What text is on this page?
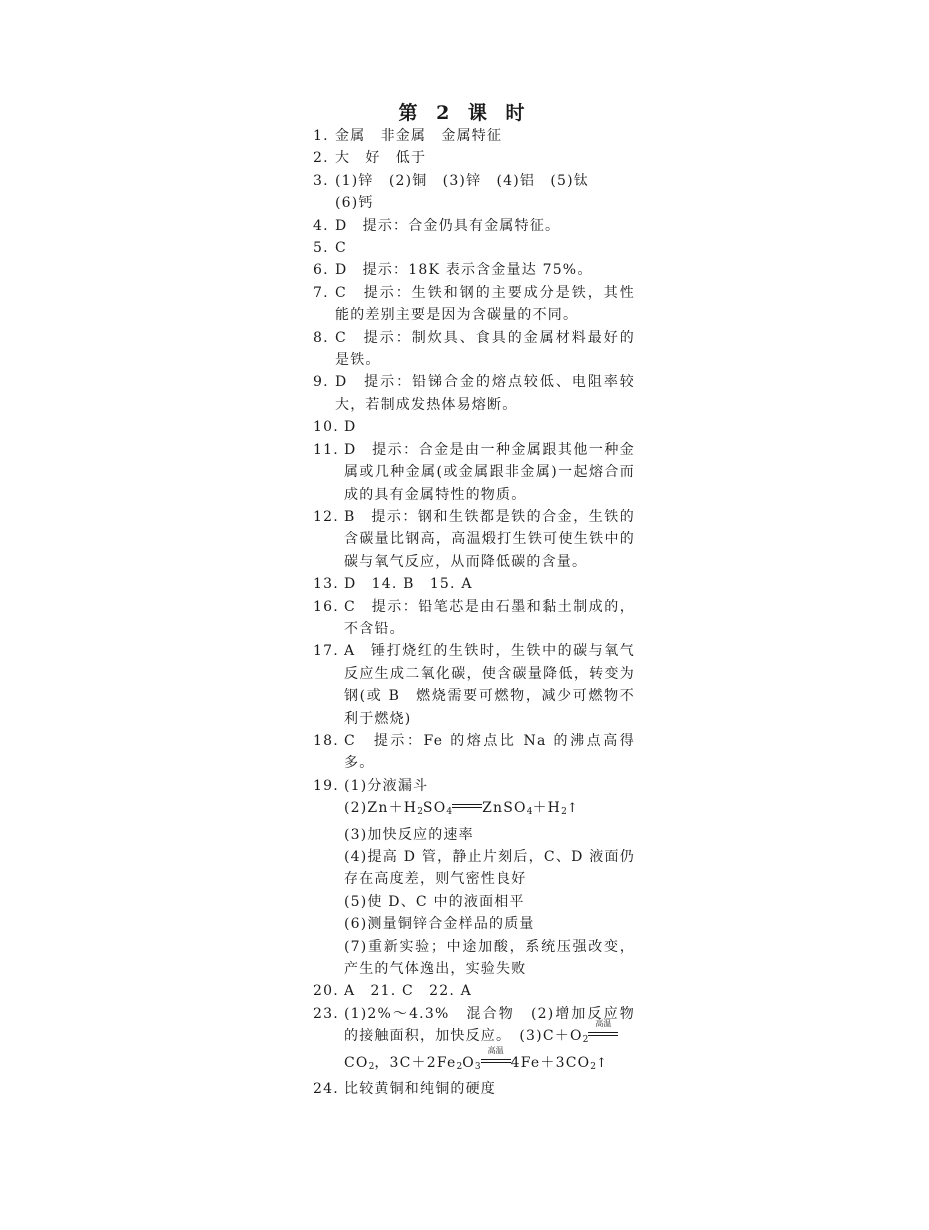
第 2 课 时
1. 金属　非金属　金属特征
2. 大　好　低于
3. (1)锌　(2)铜　(3)锌　(4)铝　(5)钛
(6)钙
4. D　提示：合金仍具有金属特征。
5. C
6. D　提示：18K 表示含金量达 75%。
7. C　提示：生铁和钢的主要成分是铁，其性能的差别主要是因为含碳量的不同。
8. C　提示：制炊具、食具的金属材料最好的是铁。
9. D　提示：铅锑合金的熔点较低、电阻率较大，若制成发热体易熔断。
10. D
11. D　提示：合金是由一种金属跟其他一种金属或几种金属(或金属跟非金属)一起熔合而成的具有金属特性的物质。
12. B　提示：钢和生铁都是铁的合金，生铁的含碳量比钢高，高温煅打生铁可使生铁中的碳与氧气反应，从而降低碳的含量。
13. D　14. B　15. A
16. C　提示：铅笔芯是由石墨和黏土制成的，不含铅。
17. A　锤打烧红的生铁时，生铁中的碳与氧气反应生成二氧化碳，使含碳量降低，转变为钢(或 B　燃烧需要可燃物，减少可燃物不利于燃烧)
18. C　提示：Fe 的熔点比 Na 的沸点高得多。
19. (1)分液漏斗
$(2)Zn+H_2SO_4$ $ZnSO_4+H_2↑$
(3)加快反应的速率
(4)提高 D 管，静止片刻后，C、D 液面仍存在高度差，则气密性良好
(5)使 D、C 中的液面相平
(6)测量铜锌合金样品的质量
(7)重新实验；中途加酸，系统压强改变，产生的气体逸出，实验失败
20. A　21. C　22. A
23. (1)2%～4.3%　混合物　(2)增加反应物的接触面积，加快反应。　$(3)C+O_2$
高温

$CO_2$，$3C+2Fe_2O_3$
高温
$4Fe+3CO_2↑$
24. 比较黄铜和纯铜的硬度
